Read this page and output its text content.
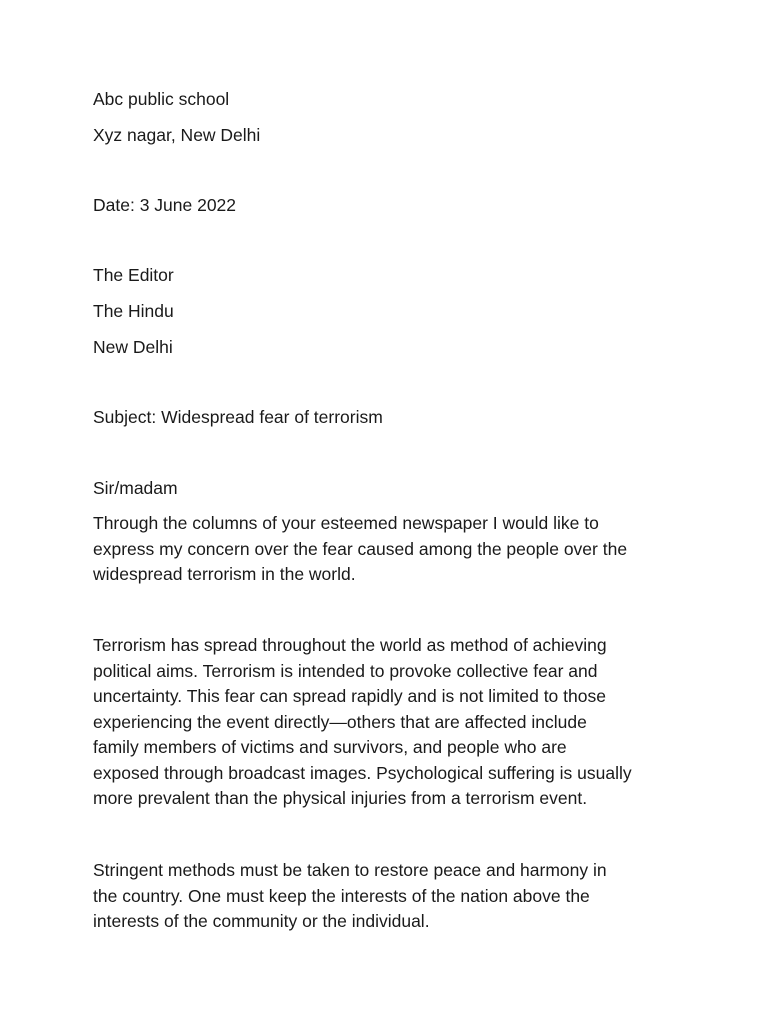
Abc public school
Xyz nagar, New Delhi
Date: 3 June 2022
The Editor
The Hindu
New Delhi
Subject: Widespread fear of terrorism
Sir/madam

Through the columns of your esteemed newspaper I would like to

express my concern over the fear caused among the people over the

widespread terrorism in the world.

Terrorism has spread throughout the world as method of achieving

political aims. Terrorism is intended to provoke collective fear and

uncertainty. This fear can spread rapidly and is not limited to those

experiencing the event directly—others that are affected include

family members of victims and survivors, and people who are

exposed through broadcast images. Psychological suffering is usually

more prevalent than the physical injuries from a terrorism event.

Stringent methods must be taken to restore peace and harmony in

the country. One must keep the interests of the nation above the

interests of the community or the individual.
